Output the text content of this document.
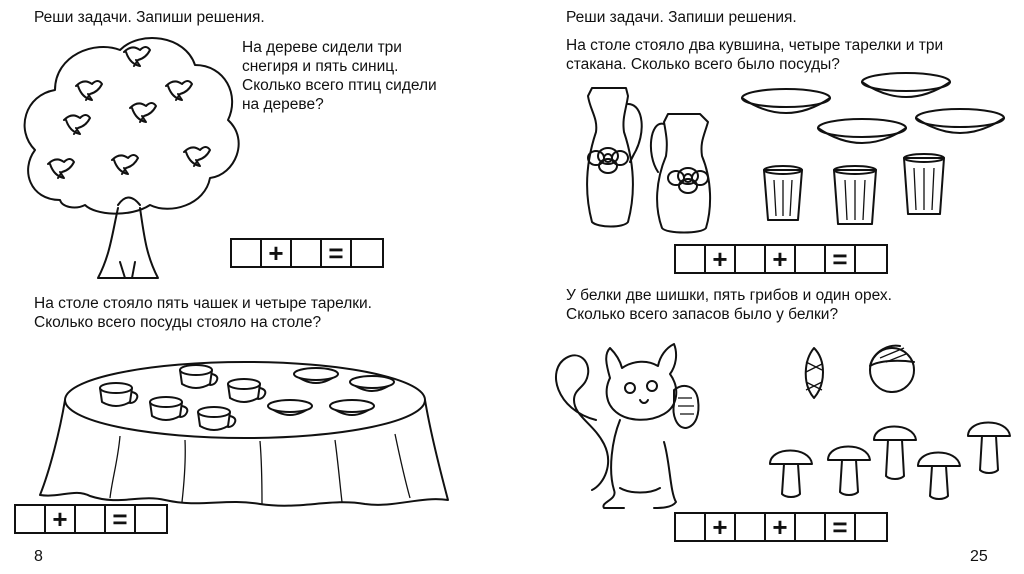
Реши задачи. Запиши решения.
На дереве сидели три
снегиря и пять синиц.
Сколько всего птиц сидели
на дереве?
+	=
На столе стояло пять чашек и четыре тарелки.
Сколько всего посуды стояло на столе?
+	=
8
Реши задачи. Запиши решения.
На столе стояло два кувшина, четыре тарелки и три
стакана. Сколько всего было посуды?
+	+	=
У белки две шишки, пять грибов и один орех.
Сколько всего запасов было у белки?
+	+	=
25
